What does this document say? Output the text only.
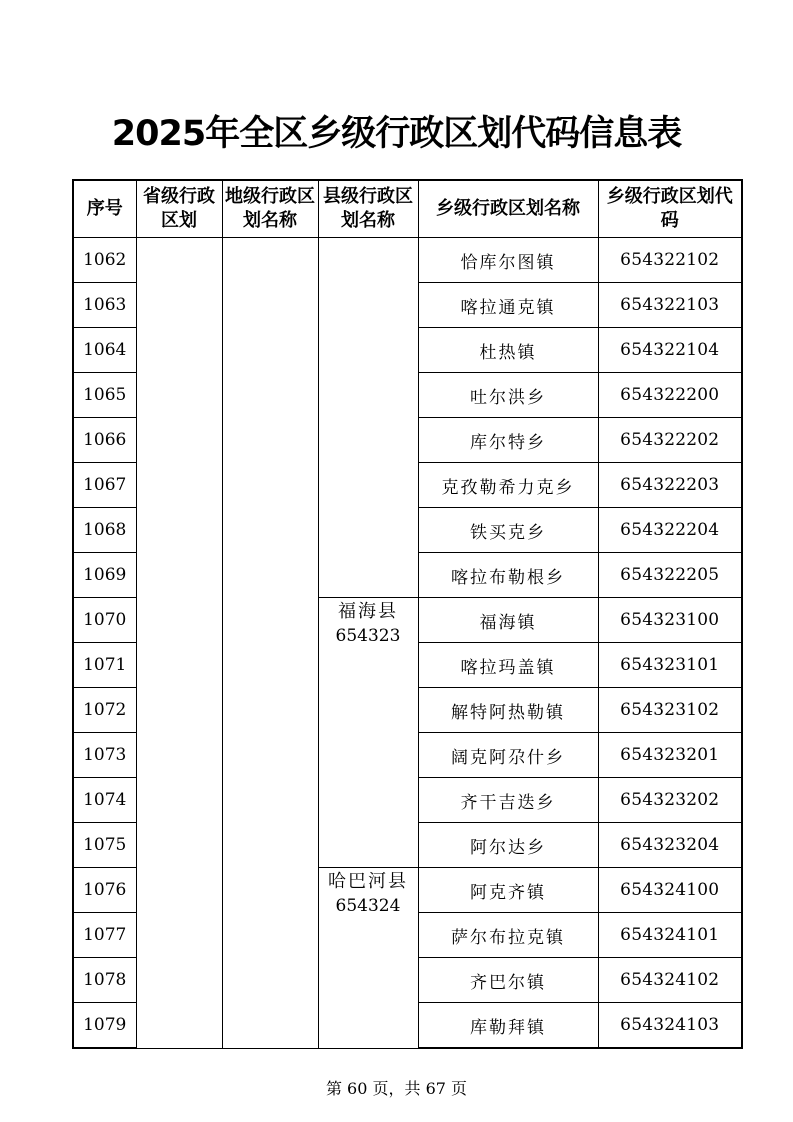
2025年全区乡级行政区划代码信息表
序号	省级行政区划	地级行政区划名称	县级行政区划名称	乡级行政区划名称	乡级行政区划代码
1062				恰库尔图镇	654322102
1063				喀拉通克镇	654322103
1064				杜热镇	654322104
1065				吐尔洪乡	654322200
1066				库尔特乡	654322202
1067				克孜勒希力克乡	654322203
1068				铁买克乡	654322204
1069				喀拉布勒根乡	654322205
1070			福海县
654323	福海镇	654323100
1071				喀拉玛盖镇	654323101
1072				解特阿热勒镇	654323102
1073				阔克阿尕什乡	654323201
1074				齐干吉迭乡	654323202
1075				阿尔达乡	654323204
1076			哈巴河县
654324	阿克齐镇	654324100
1077				萨尔布拉克镇	654324101
1078				齐巴尔镇	654324102
1079				库勒拜镇	654324103
第 60 页，共 67 页
